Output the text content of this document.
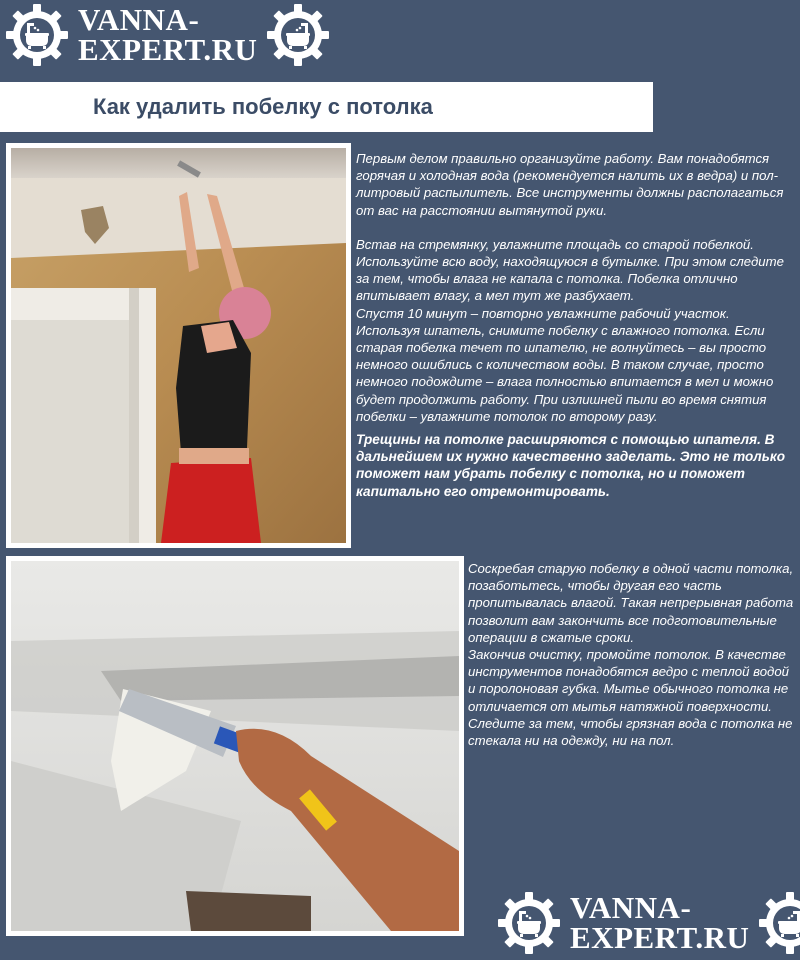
VANNA-
EXPERT.RU
Как удалить побелку с потолка

Первым делом правильно организуйте работу. Вам понадобятся горячая и холодная вода (рекомендуется налить их в ведра) и пол-литровый распылитель. Все инструменты должны располагаться от вас на расстоянии вытянутой руки.

Встав на стремянку, увлажните площадь со старой побелкой. Используйте всю воду, находящуюся в бутылке. При этом следите за тем, чтобы влага не капала с потолка. Побелка отлично впитывает влагу, а мел тут же разбухает.

Спустя 10 минут – повторно увлажните рабочий участок. Используя шпатель, снимите побелку с влажного потолка. Если старая побелка течет по шпателю, не волнуйтесь – вы просто немного ошиблись с количеством воды. В таком случае, просто немного подождите – влага полностью впитается в мел и можно будет продолжить работу. При излишней пыли во время снятия побелки – увлажните потолок по второму разу.

Трещины на потолке расширяются с помощью шпателя. В дальнейшем их нужно качественно заделать. Это не только поможет нам убрать побелку с потолка, но и поможет капитально его отремонтировать.

Соскребая старую побелку в одной части потолка, позаботьтесь, чтобы другая его часть пропитывалась влагой. Такая непрерывная работа позволит вам закончить все подготовительные операции в сжатые сроки.

Закончив очистку, промойте потолок. В качестве инструментов понадобятся ведро с теплой водой и поролоновая губка. Мытье обычного потолка не отличается от мытья натяжной поверхности. Следите за тем, чтобы грязная вода с потолка не стекала ни на одежду, ни на пол.

VANNA-
EXPERT.RU
